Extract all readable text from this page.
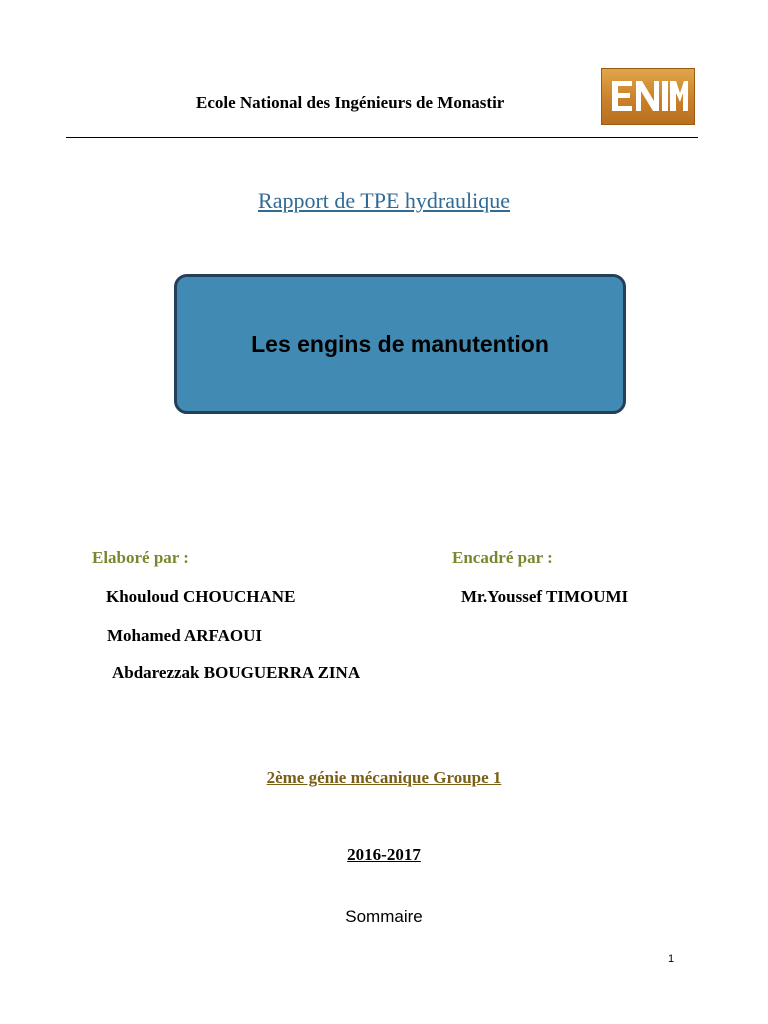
Ecole National des Ingénieurs de Monastir
Rapport de TPE hydraulique
Les engins de manutention
Elaboré par :	Encadré par :
Khouloud CHOUCHANE
Mohamed ARFAOUI
Abdarezzak BOUGUERRA ZINA
Mr.Youssef TIMOUMI
2ème génie mécanique Groupe 1
2016-2017
Sommaire
1
